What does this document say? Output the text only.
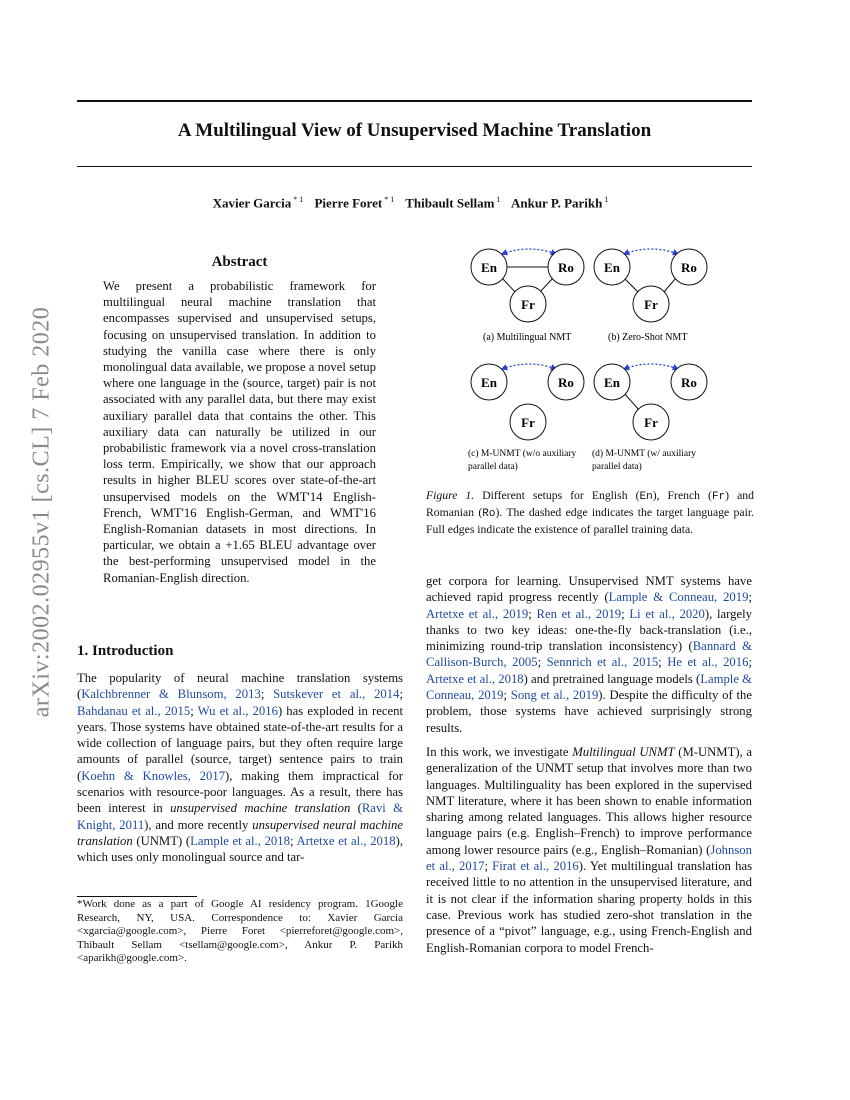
A Multilingual View of Unsupervised Machine Translation
Xavier Garcia $^{* 1}$ Pierre Foret $^{* 1}$ Thibault Sellam $^1$ Ankur P. Parikh $^1$
arXiv:2002.02955v1 [cs.CL] 7 Feb 2020
Abstract
We present a probabilistic framework for multilingual neural machine translation that encompasses supervised and unsupervised setups, focusing on unsupervised translation. In addition to studying the vanilla case where there is only monolingual data available, we propose a novel setup where one language in the (source, target) pair is not associated with any parallel data, but there may exist auxiliary parallel data that contains the other. This auxiliary data can naturally be utilized in our probabilistic framework via a novel cross-translation loss term. Empirically, we show that our approach results in higher BLEU scores over state-of-the-art unsupervised models on the WMT'14 English-French, WMT'16 English-German, and WMT'16 English-Romanian datasets in most directions. In particular, we obtain a +1.65 BLEU advantage over the best-performing unsupervised model in the Romanian-English direction.
1. Introduction

The popularity of neural machine translation systems (Kalchbrenner & Blunsom, 2013; Sutskever et al., 2014; Bahdanau et al., 2015; Wu et al., 2016) has exploded in recent years. Those systems have obtained state-of-the-art results for a wide collection of language pairs, but they often require large amounts of parallel (source, target) sentence pairs to train (Koehn & Knowles, 2017), making them impractical for scenarios with resource-poor languages. As a result, there has been interest in unsupervised machine translation (Ravi & Knight, 2011), and more recently unsupervised neural machine translation (UNMT) (Lample et al., 2018; Artetxe et al., 2018), which uses only monolingual source and tar-

get corpora for learning. Unsupervised NMT systems have achieved rapid progress recently (Lample & Conneau, 2019; Artetxe et al., 2019; Ren et al., 2019; Li et al., 2020), largely thanks to two key ideas: one-the-fly back-translation (i.e., minimizing round-trip translation inconsistency) (Bannard & Callison-Burch, 2005; Sennrich et al., 2015; He et al., 2016; Artetxe et al., 2018) and pretrained language models (Lample & Conneau, 2019; Song et al., 2019). Despite the difficulty of the problem, those systems have achieved surprisingly strong results.

In this work, we investigate Multilingual UNMT (M-UNMT), a generalization of the UNMT setup that involves more than two languages. Multilinguality has been explored in the supervised NMT literature, where it has been shown to enable information sharing among related languages. This allows higher resource language pairs (e.g. English–French) to improve performance among lower resource pairs (e.g., English–Romanian) (Johnson et al., 2017; Firat et al., 2016). Yet multilingual translation has received little to no attention in the unsupervised literature, and it is not clear if the information sharing property holds in this case. Previous work has studied zero-shot translation in the presence of a “pivot” language, e.g., using French-English and English-Romanian corpora to model French-

*Work done as a part of Google AI residency program. 1Google Research, NY, USA. Correspondence to: Xavier Garcia <xgarcia@google.com>, Pierre Foret <pierreforet@google.com>, Thibault Sellam <tsellam@google.com>, Ankur P. Parikh <aparikh@google.com>.
En	Ro
Fr
(a) Multilingual NMT
En	Ro
Fr
(b) Zero-Shot NMT
En	Ro
Fr
(c) M-UNMT (w/o auxiliary
parallel data)
En	Ro
Fr
(d) M-UNMT (w/ auxiliary
parallel data)
Figure 1. Different setups for English (En), French (Fr) and Romanian (Ro). The dashed edge indicates the target language pair. Full edges indicate the existence of parallel training data.
